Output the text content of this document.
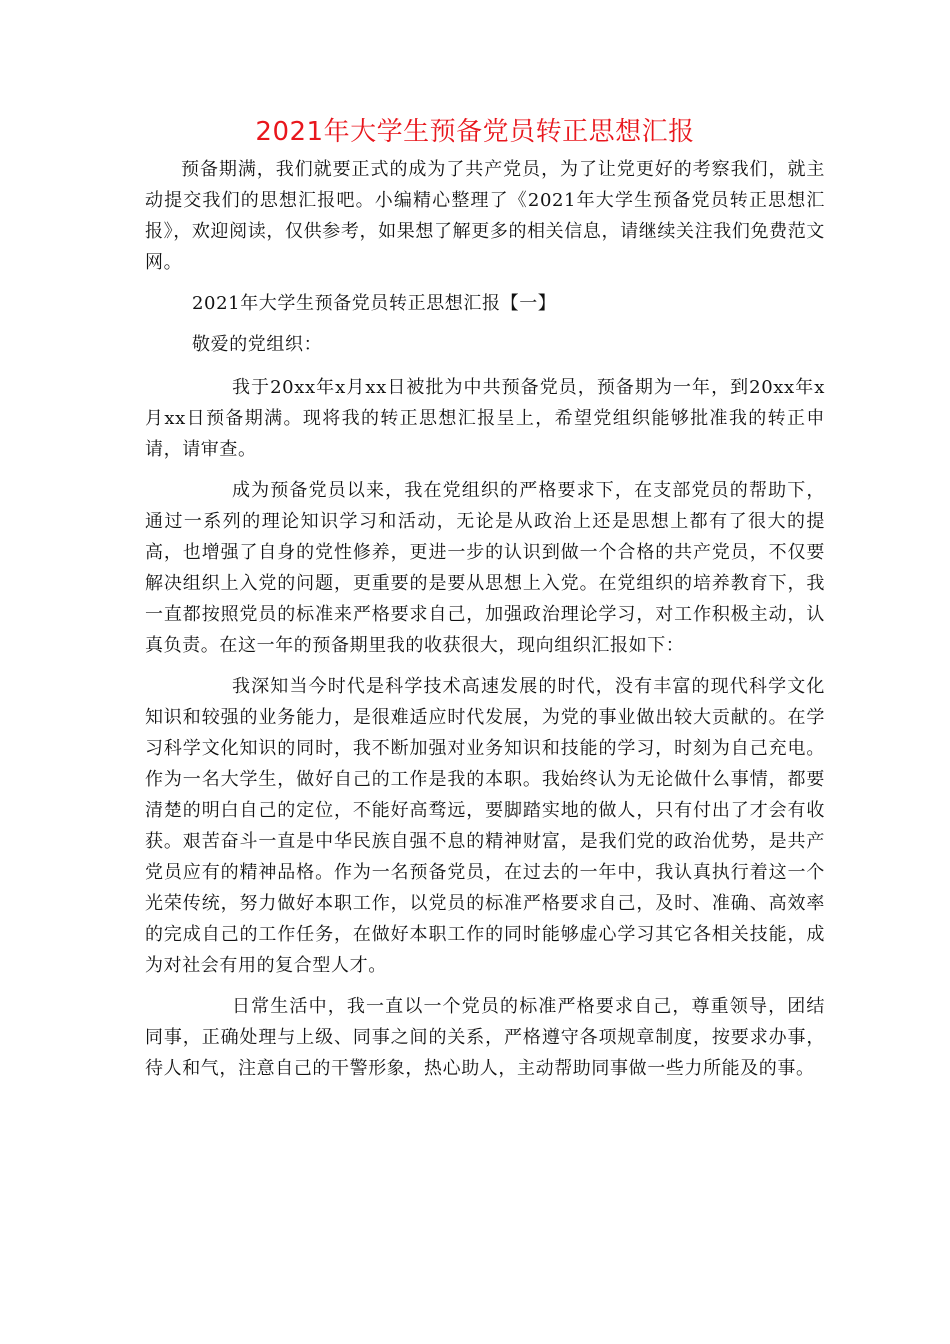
2021年大学生预备党员转正思想汇报

预备期满，我们就要正式的成为了共产党员，为了让党更好的考察我们，就主动提交我们的思想汇报吧。小编精心整理了《2021年大学生预备党员转正思想汇报》，欢迎阅读，仅供参考，如果想了解更多的相关信息，请继续关注我们免费范文网。

2021年大学生预备党员转正思想汇报【一】

敬爱的党组织：

我于20xx年x月xx日被批为中共预备党员，预备期为一年，到20xx年x月xx日预备期满。现将我的转正思想汇报呈上，希望党组织能够批准我的转正申请，请审查。

成为预备党员以来，我在党组织的严格要求下，在支部党员的帮助下，通过一系列的理论知识学习和活动，无论是从政治上还是思想上都有了很大的提高，也增强了自身的党性修养，更进一步的认识到做一个合格的共产党员，不仅要解决组织上入党的问题，更重要的是要从思想上入党。在党组织的培养教育下，我一直都按照党员的标准来严格要求自己，加强政治理论学习，对工作积极主动，认真负责。在这一年的预备期里我的收获很大，现向组织汇报如下：

我深知当今时代是科学技术高速发展的时代，没有丰富的现代科学文化知识和较强的业务能力，是很难适应时代发展，为党的事业做出较大贡献的。在学习科学文化知识的同时，我不断加强对业务知识和技能的学习，时刻为自己充电。作为一名大学生，做好自己的工作是我的本职。我始终认为无论做什么事情，都要清楚的明白自己的定位，不能好高骛远，要脚踏实地的做人，只有付出了才会有收获。艰苦奋斗一直是中华民族自强不息的精神财富，是我们党的政治优势，是共产党员应有的精神品格。作为一名预备党员，在过去的一年中，我认真执行着这一个光荣传统，努力做好本职工作，以党员的标准严格要求自己，及时、准确、高效率的完成自己的工作任务，在做好本职工作的同时能够虚心学习其它各相关技能，成为对社会有用的复合型人才。

日常生活中，我一直以一个党员的标准严格要求自己，尊重领导，团结同事，正确处理与上级、同事之间的关系，严格遵守各项规章制度，按要求办事，待人和气，注意自己的干警形象，热心助人，主动帮助同事做一些力所能及的事。
